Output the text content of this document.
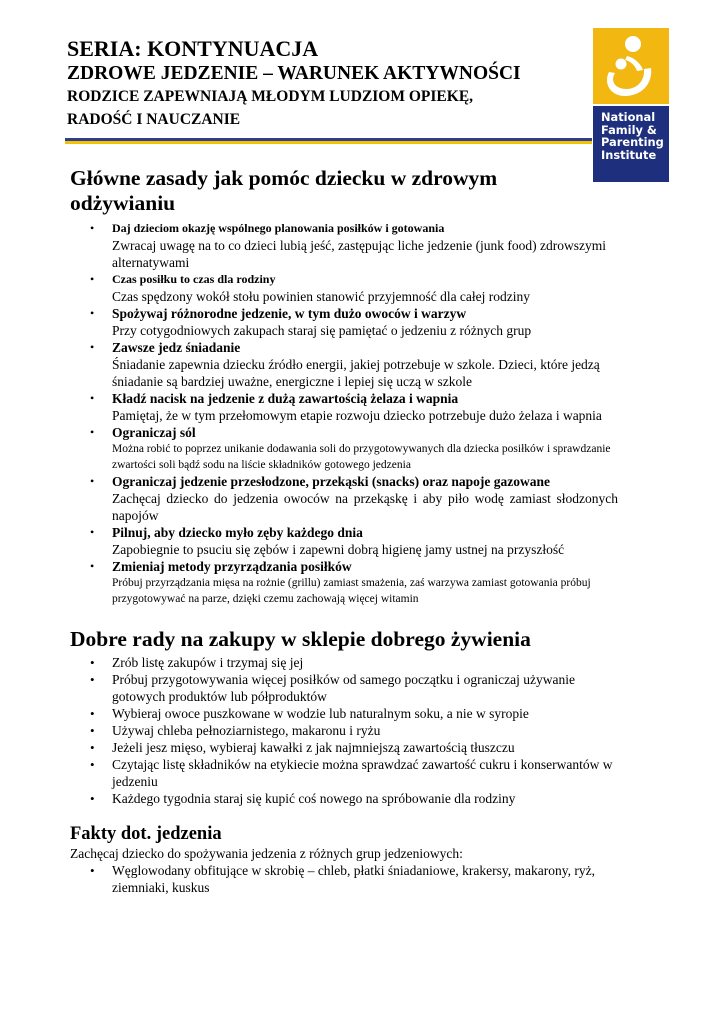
SERIA: KONTYNUACJA
ZDROWE JEDZENIE – WARUNEK AKTYWNOŚCI
RODZICE ZAPEWNIAJĄ MŁODYM LUDZIOM OPIEKĘ,
RADOŚĆ I NAUCZANIE	National
Family &
Parenting
Institute
Główne zasady jak pomóc dziecku w zdrowym
odżywianiu
• Daj dzieciom okazję wspólnego planowania posiłków i gotowania
Zwracaj uwagę na to co dzieci lubią jeść, zastępując liche jedzenie (junk food) zdrowszymi alternatywami
• Czas posiłku to czas dla rodziny
Czas spędzony wokół stołu powinien stanowić przyjemność dla całej rodziny
• Spożywaj różnorodne jedzenie, w tym dużo owoców i warzyw
Przy cotygodniowych zakupach staraj się pamiętać o jedzeniu z różnych grup
• Zawsze jedz śniadanie
Śniadanie zapewnia dziecku źródło energii, jakiej potrzebuje w szkole. Dzieci, które jedzą śniadanie są bardziej uważne, energiczne i lepiej się uczą w szkole
• Kładź nacisk na jedzenie z dużą zawartością żelaza i wapnia
Pamiętaj, że w tym przełomowym etapie rozwoju dziecko potrzebuje dużo żelaza i wapnia
• Ograniczaj sól
Można robić to poprzez unikanie dodawania soli do przygotowywanych dla dziecka posiłków i sprawdzanie zwartości soli bądź sodu na liście składników gotowego jedzenia
• Ograniczaj jedzenie przesłodzone, przekąski (snacks) oraz napoje gazowane
Zachęcaj dziecko do jedzenia owoców na przekąskę i aby piło wodę zamiast słodzonych napojów
• Pilnuj, aby dziecko myło zęby każdego dnia
Zapobiegnie to psuciu się zębów i zapewni dobrą higienę jamy ustnej na przyszłość
• Zmieniaj metody przyrządzania posiłków
Próbuj przyrządzania mięsa na rożnie (grillu) zamiast smażenia, zaś warzywa zamiast gotowania próbuj przygotowywać na parze, dzięki czemu zachowają więcej witamin
Dobre rady na zakupy w sklepie dobrego żywienia
• Zrób listę zakupów i trzymaj się jej
• Próbuj przygotowywania więcej posiłków od samego początku i ograniczaj używanie gotowych produktów lub półproduktów
• Wybieraj owoce puszkowane w wodzie lub naturalnym soku, a nie w syropie
• Używaj chleba pełnoziarnistego, makaronu i ryżu
• Jeżeli jesz mięso, wybieraj kawałki z jak najmniejszą zawartością tłuszczu
• Czytając listę składników na etykiecie można sprawdzać zawartość cukru i konserwantów w jedzeniu
• Każdego tygodnia staraj się kupić coś nowego na spróbowanie dla rodziny
Fakty dot. jedzenia

Zachęcaj dziecko do spożywania jedzenia z różnych grup jedzeniowych:

• Węglowodany obfitujące w skrobię – chleb, płatki śniadaniowe, krakersy, makarony, ryż, ziemniaki, kuskus
